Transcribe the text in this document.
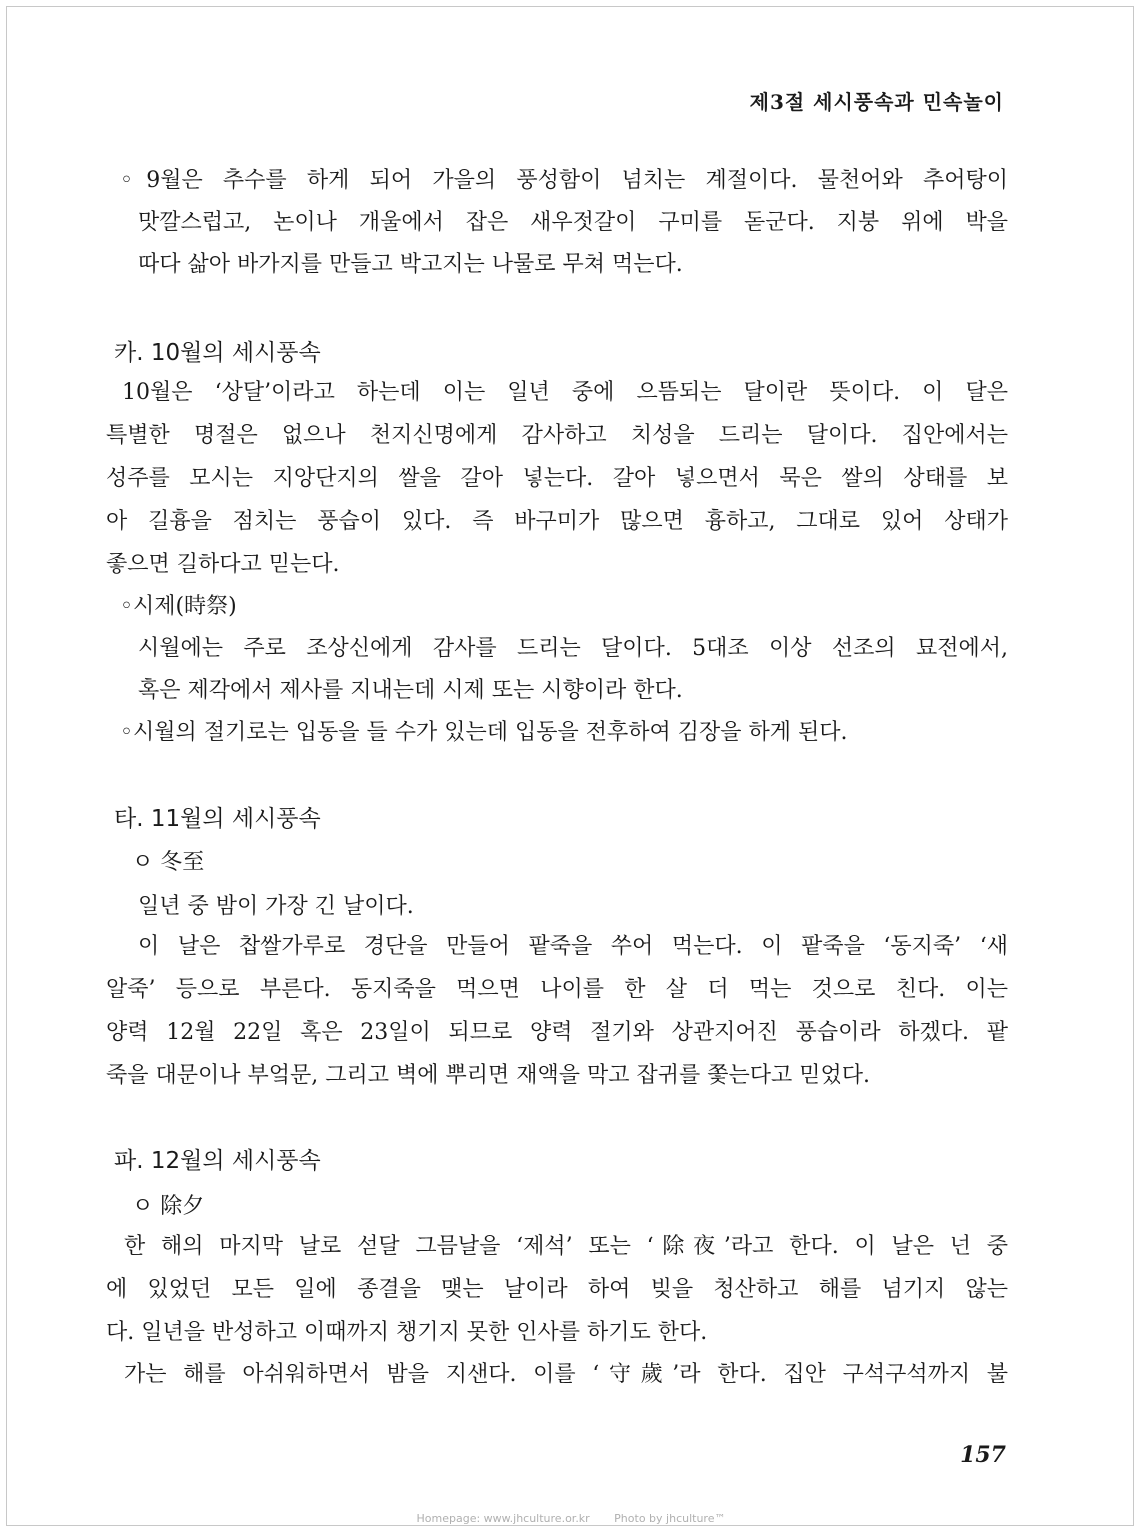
제3절 세시풍속과 민속놀이
◦9월은 추수를 하게 되어 가을의 풍성함이 넘치는 계절이다. 물천어와 추어탕이
맛깔스럽고, 논이나 개울에서 잡은 새우젓갈이 구미를 돋군다. 지붕 위에 박을
따다 삶아 바가지를 만들고 박고지는 나물로 무쳐 먹는다.
카. 10월의 세시풍속
10월은 ‘상달’이라고 하는데 이는 일년 중에 으뜸되는 달이란 뜻이다. 이 달은
특별한 명절은 없으나 천지신명에게 감사하고 치성을 드리는 달이다. 집안에서는
성주를 모시는 지앙단지의 쌀을 갈아 넣는다. 갈아 넣으면서 묵은 쌀의 상태를 보
아 길흉을 점치는 풍습이 있다. 즉 바구미가 많으면 흉하고, 그대로 있어 상태가
좋으면 길하다고 믿는다.
◦시제(時祭)
시월에는 주로 조상신에게 감사를 드리는 달이다. 5대조 이상 선조의 묘전에서,
혹은 제각에서 제사를 지내는데 시제 또는 시향이라 한다.
◦시월의 절기로는 입동을 들 수가 있는데 입동을 전후하여 김장을 하게 된다.
타. 11월의 세시풍속
ㅇ 冬至
일년 중 밤이 가장 긴 날이다.
이 날은 찹쌀가루로 경단을 만들어 팥죽을 쑤어 먹는다. 이 팥죽을 ‘동지죽’ ‘새
알죽’ 등으로 부른다. 동지죽을 먹으면 나이를 한 살 더 먹는 것으로 친다. 이는
양력 12월 22일 혹은 23일이 되므로 양력 절기와 상관지어진 풍습이라 하겠다. 팥
죽을 대문이나 부엌문, 그리고 벽에 뿌리면 재액을 막고 잡귀를 쫓는다고 믿었다.
파. 12월의 세시풍속
ㅇ 除夕
한 해의 마지막 날로 섣달 그믐날을 ‘제석’ 또는 ‘除夜’라고 한다. 이 날은 넌 중
에 있었던 모든 일에 종결을 맺는 날이라 하여 빚을 청산하고 해를 넘기지 않는
다. 일년을 반성하고 이때까지 챙기지 못한 인사를 하기도 한다.
가는 해를 아쉬워하면서 밤을 지샌다. 이를 ‘守歲’라 한다. 집안 구석구석까지 불
157
Homepage: www.jhculture.or.kr       Photo by jhculture™
